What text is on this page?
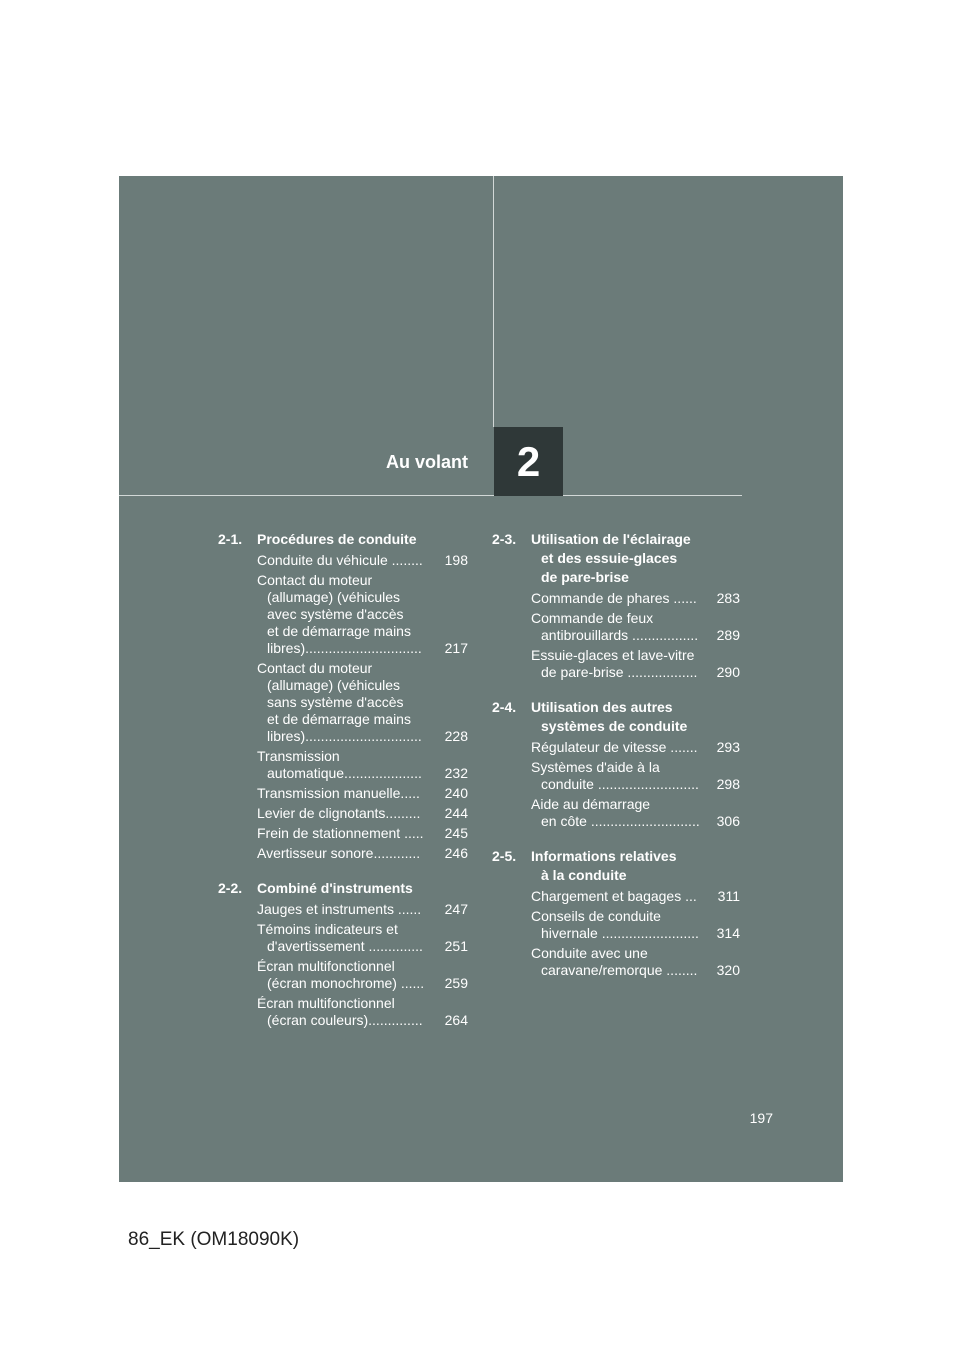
Au volant 2
2-1.	Procédures de conduite
Conduite du véhicule ........	198
Contact du moteur
(allumage) (véhicules
avec système d'accès
et de démarrage mains
libres)..............................	217
Contact du moteur
(allumage) (véhicules
sans système d'accès
et de démarrage mains
libres)..............................	228
Transmission
automatique....................	232
Transmission manuelle.....	240
Levier de clignotants.........	244
Frein de stationnement .....	245
Avertisseur sonore............	246
2-2.	Combiné d'instruments
Jauges et instruments ......	247
Témoins indicateurs et
d'avertissement ..............	251
Écran multifonctionnel
(écran monochrome) ......	259
Écran multifonctionnel
(écran couleurs)..............	264
2-3.	Utilisation de l'éclairage
et des essuie-glaces
de pare-brise
Commande de phares ......	283
Commande de feux
antibrouillards .................	289
Essuie-glaces et lave-vitre
de pare-brise ..................	290
2-4.	Utilisation des autres
systèmes de conduite
Régulateur de vitesse .......	293
Systèmes d'aide à la
conduite ..........................	298
Aide au démarrage
en côte ............................	306
2-5.	Informations relatives
à la conduite
Chargement et bagages ...	311
Conseils de conduite
hivernale .........................	314
Conduite avec une
caravane/remorque ........	320
197
86_EK (OM18090K)
